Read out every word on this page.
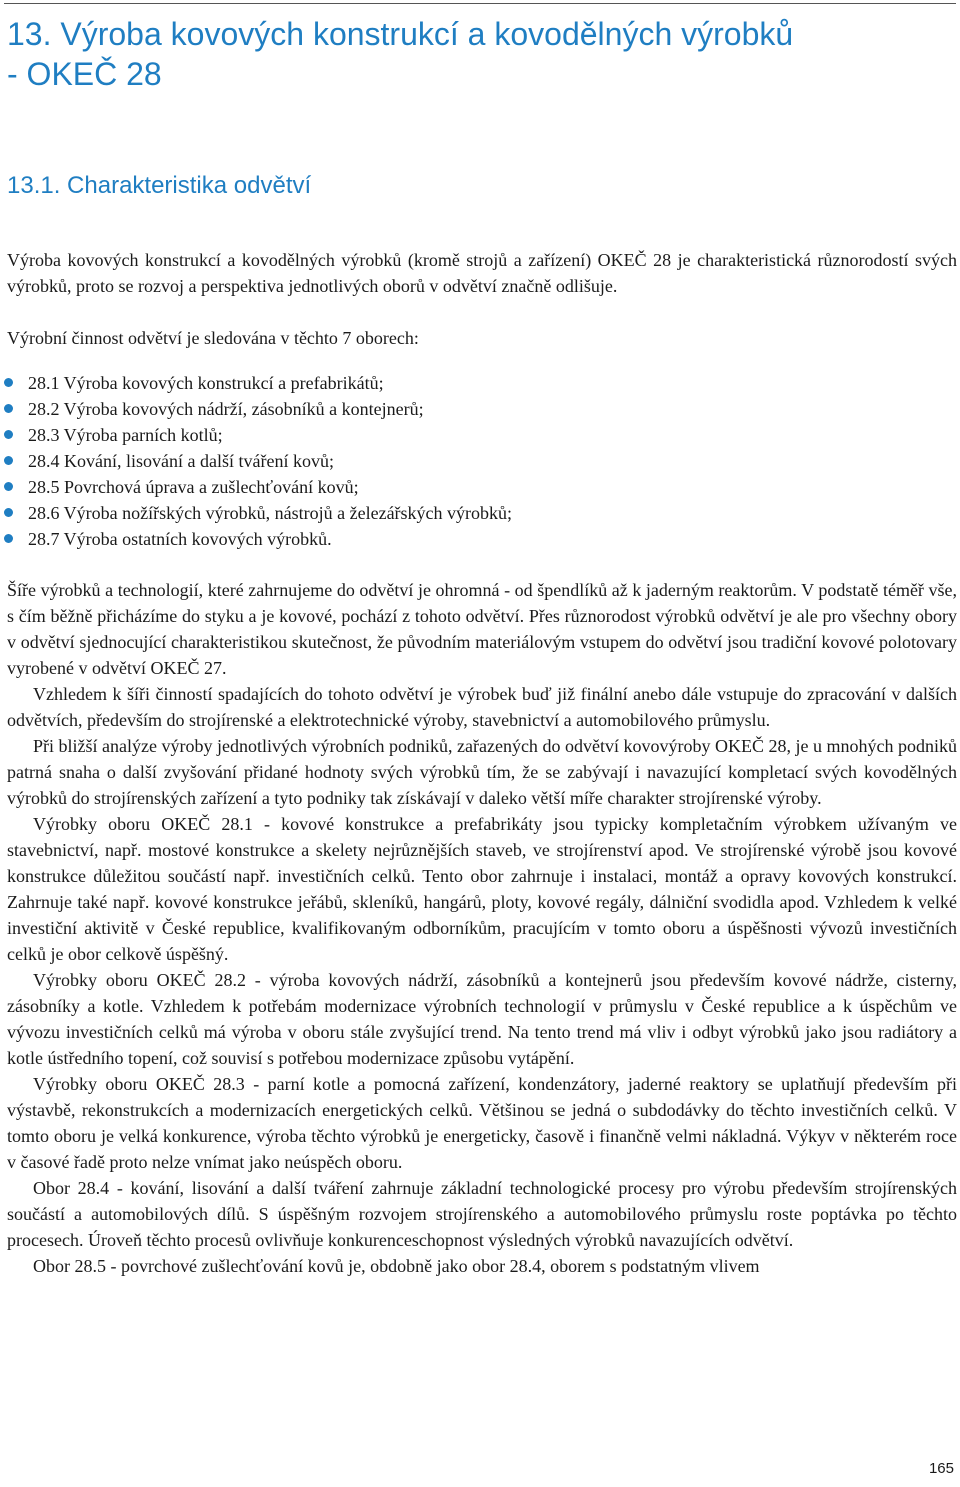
13. Výroba kovových konstrukcí a kovodělných výrobků
- OKEČ 28
13.1. Charakteristika odvětví

Výroba kovových konstrukcí a kovodělných výrobků (kromě strojů a zařízení) OKEČ 28 je charakteristická různorodostí svých výrobků, proto se rozvoj a perspektiva jednotlivých oborů v odvětví značně odlišuje.

Výrobní činnost odvětví je sledována v těchto 7 oborech:

28.1 Výroba kovových konstrukcí a prefabrikátů;
28.2 Výroba kovových nádrží, zásobníků a kontejnerů;
28.3 Výroba parních kotlů;
28.4 Kování, lisování a další tváření kovů;
28.5 Povrchová úprava a zušlechťování kovů;
28.6 Výroba nožířských výrobků, nástrojů a železářských výrobků;
28.7 Výroba ostatních kovových výrobků.

Šíře výrobků a technologií, které zahrnujeme do odvětví je ohromná - od špendlíků až k jaderným reaktorům. V podstatě téměř vše, s čím běžně přicházíme do styku a je kovové, pochází z tohoto odvětví. Přes různorodost výrobků odvětví je ale pro všechny obory v odvětví sjednocující charakteristikou skutečnost, že původním materiálovým vstupem do odvětví jsou tradiční kovové polotovary vyrobené v odvětví OKEČ 27.

Vzhledem k šíři činností spadajících do tohoto odvětví je výrobek buď již finální anebo dále vstupuje do zpracování v dalších odvětvích, především do strojírenské a elektrotechnické výroby, stavebnictví a automobilového průmyslu.

Při bližší analýze výroby jednotlivých výrobních podniků, zařazených do odvětví kovovýroby OKEČ 28, je u mnohých podniků patrná snaha o další zvyšování přidané hodnoty svých výrobků tím, že se zabývají i navazující kompletací svých kovodělných výrobků do strojírenských zařízení a tyto podniky tak získávají v daleko větší míře charakter strojírenské výroby.

Výrobky oboru OKEČ 28.1 - kovové konstrukce a prefabrikáty jsou typicky kompletačním výrobkem užívaným ve stavebnictví, např. mostové konstrukce a skelety nejrůznějších staveb, ve strojírenství apod. Ve strojírenské výrobě jsou kovové konstrukce důležitou součástí např. investičních celků. Tento obor zahrnuje i instalaci, montáž a opravy kovových konstrukcí. Zahrnuje také např. kovové konstrukce jeřábů, skleníků, hangárů, ploty, kovové regály, dálniční svodidla apod. Vzhledem k velké investiční aktivitě v České republice, kvalifikovaným odborníkům, pracujícím v tomto oboru a úspěšnosti vývozů investičních celků je obor celkově úspěšný.

Výrobky oboru OKEČ 28.2 - výroba kovových nádrží, zásobníků a kontejnerů jsou především kovové nádrže, cisterny, zásobníky a kotle. Vzhledem k potřebám modernizace výrobních technologií v průmyslu v České republice a k úspěchům ve vývozu investičních celků má výroba v oboru stále zvyšující trend. Na tento trend má vliv i odbyt výrobků jako jsou radiátory a kotle ústředního topení, což souvisí s potřebou modernizace způsobu vytápění.

Výrobky oboru OKEČ 28.3 - parní kotle a pomocná zařízení, kondenzátory, jaderné reaktory se uplatňují především při výstavbě, rekonstrukcích a modernizacích energetických celků. Většinou se jedná o subdodávky do těchto investičních celků. V tomto oboru je velká konkurence, výroba těchto výrobků je energeticky, časově i finančně velmi nákladná. Výkyv v některém roce v časové řadě proto nelze vnímat jako neúspěch oboru.

Obor 28.4 - kování, lisování a další tváření zahrnuje základní technologické procesy pro výrobu především strojírenských součástí a automobilových dílů. S úspěšným rozvojem strojírenského a automobilového průmyslu roste poptávka po těchto procesech. Úroveň těchto procesů ovlivňuje konkurenceschopnost výsledných výrobků navazujících odvětví.

Obor 28.5 - povrchové zušlechťování kovů je, obdobně jako obor 28.4, oborem s podstatným vlivem

165
